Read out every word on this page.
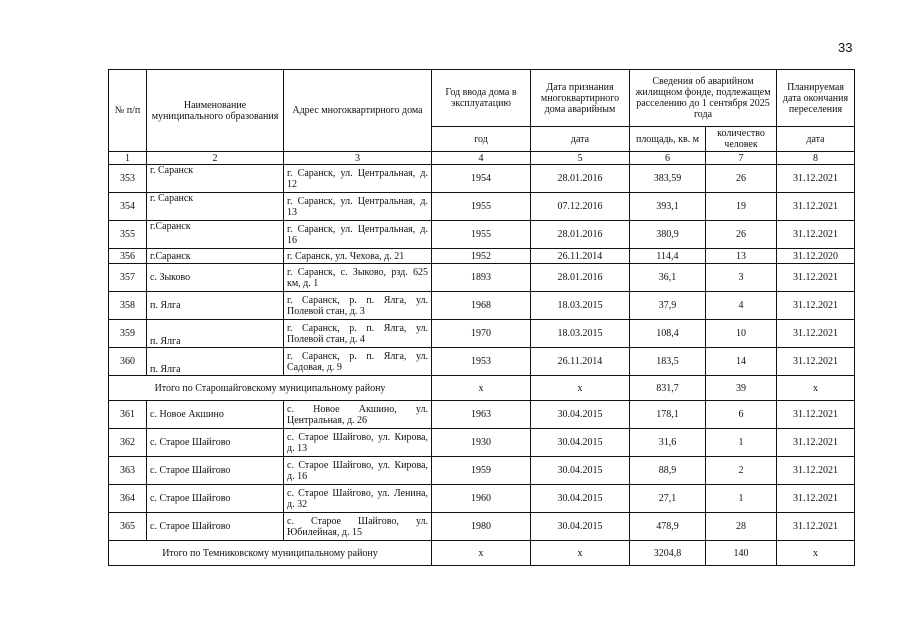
33
№ п/п	Наименование муниципального образования	Адрес многоквартирного дома	Год ввода дома в эксплуатацию	Дата признания многоквартирного дома аварийным	Сведения об аварийном жилищном фонде, подлежащем расселению до 1 сентября 2025 года		Планируемая дата окончания переселения
			год	дата	площадь, кв. м	количество человек	дата
1	2	3	4	5	6	7	8
353	г. Саранск	г. Саранск, ул. Центральная, д. 12	1954	28.01.2016	383,59	26	31.12.2021
354	г. Саранск	г. Саранск, ул. Центральная, д. 13	1955	07.12.2016	393,1	19	31.12.2021
355	г.Саранск	г. Саранск, ул. Центральная, д. 16	1955	28.01.2016	380,9	26	31.12.2021
356	г.Саранск	г. Саранск, ул. Чехова, д. 21	1952	26.11.2014	114,4	13	31.12.2020
357	с. Зыково	г. Саранск, с. Зыково, рзд. 625 км, д. 1	1893	28.01.2016	36,1	3	31.12.2021
358	п. Ялга	г. Саранск, р. п. Ялга, ул. Полевой стан, д. 3	1968	18.03.2015	37,9	4	31.12.2021
359	п. Ялга	г. Саранск, р. п. Ялга, ул. Полевой стан, д. 4	1970	18.03.2015	108,4	10	31.12.2021
360	п. Ялга	г. Саранск, р. п. Ялга, ул. Садовая, д. 9	1953	26.11.2014	183,5	14	31.12.2021
Итого по Старошайговскому муниципальному району			х	х	831,7	39	х
361	с. Новое Акшино	с. Новое Акшино, ул. Центральная, д. 26	1963	30.04.2015	178,1	6	31.12.2021
362	с. Старое Шайгово	с. Старое Шайгово, ул. Кирова, д. 13	1930	30.04.2015	31,6	1	31.12.2021
363	с. Старое Шайгово	с. Старое Шайгово, ул. Кирова, д. 16	1959	30.04.2015	88,9	2	31.12.2021
364	с. Старое Шайгово	с. Старое Шайгово, ул. Ленина, д. 32	1960	30.04.2015	27,1	1	31.12.2021
365	с. Старое Шайгово	с. Старое Шайгово, ул. Юбилейная, д. 15	1980	30.04.2015	478,9	28	31.12.2021
Итого по Темниковскому муниципальному району			х	х	3204,8	140	х
